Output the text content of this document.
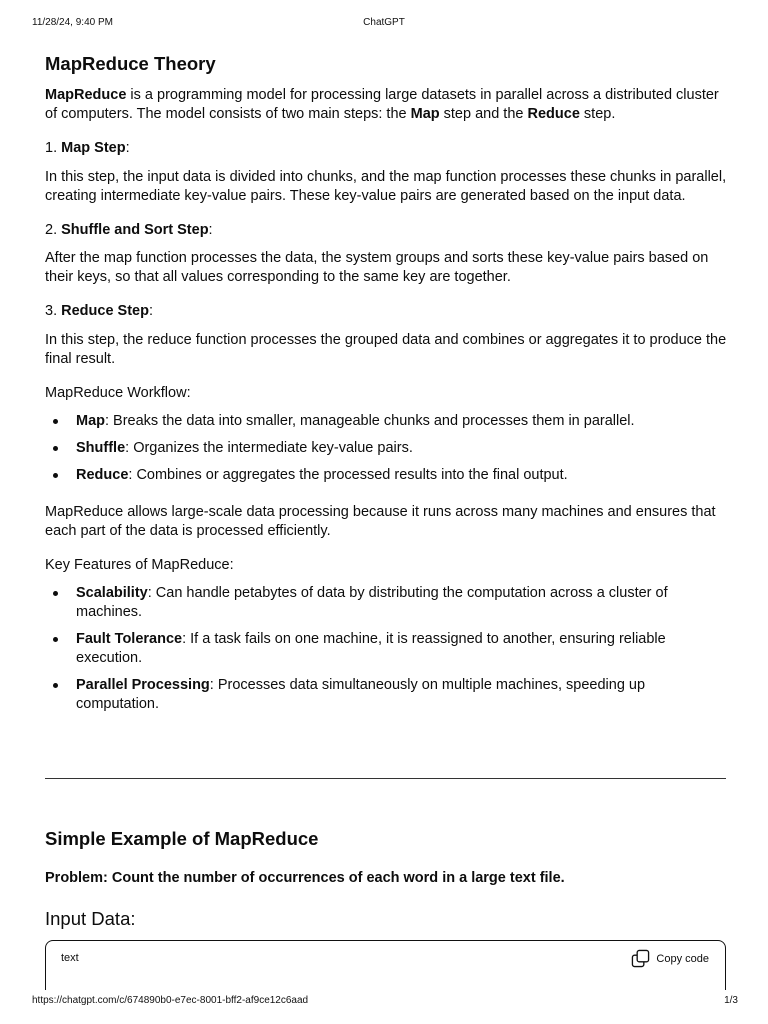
11/28/24, 9:40 PM	ChatGPT
MapReduce Theory

MapReduce is a programming model for processing large datasets in parallel across a distributed cluster of computers. The model consists of two main steps: the Map step and the Reduce step.

1. Map Step:

In this step, the input data is divided into chunks, and the map function processes these chunks in parallel, creating intermediate key-value pairs. These key-value pairs are generated based on the input data.

2. Shuffle and Sort Step:

After the map function processes the data, the system groups and sorts these key-value pairs based on their keys, so that all values corresponding to the same key are together.

3. Reduce Step:

In this step, the reduce function processes the grouped data and combines or aggregates it to produce the final result.

MapReduce Workflow:

Map: Breaks the data into smaller, manageable chunks and processes them in parallel.
Shuffle: Organizes the intermediate key-value pairs.
Reduce: Combines or aggregates the processed results into the final output.

MapReduce allows large-scale data processing because it runs across many machines and ensures that each part of the data is processed efficiently.

Key Features of MapReduce:

Scalability: Can handle petabytes of data by distributing the computation across a cluster of machines.
Fault Tolerance: If a task fails on one machine, it is reassigned to another, ensuring reliable execution.
Parallel Processing: Processes data simultaneously on multiple machines, speeding up computation.
Simple Example of MapReduce

Problem: Count the number of occurrences of each word in a large text file.

Input Data:
text	Copy code
https://chatgpt.com/c/674890b0-e7ec-8001-bff2-af9ce12c6aad	1/3
